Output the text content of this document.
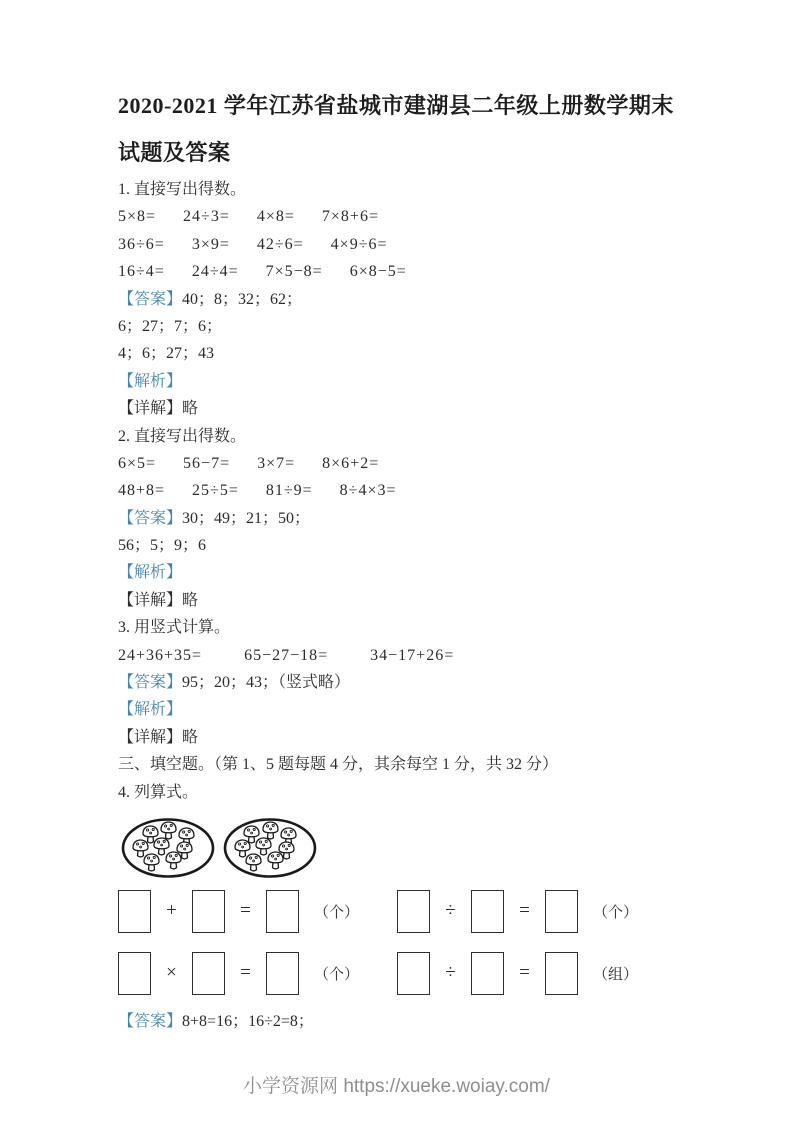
2020-2021 学年江苏省盐城市建湖县二年级上册数学期末试题及答案

1. 直接写出得数。

5×8= 24÷3= 4×8= 7×8+6=

36÷6= 3×9= 42÷6= 4×9÷6=

16÷4= 24÷4= 7×5−8= 6×8−5=

【答案】40；8；32；62；

6；27；7；6；

4；6；27；43

【解析】

【详解】略

2. 直接写出得数。

6×5= 56−7= 3×7= 8×6+2=

48+8= 25÷5= 81÷9= 8÷4×3=

【答案】30；49；21；50；

56；5；9；6

【解析】

【详解】略

3. 用竖式计算。

24+36+35=	65−27−18=	34−17+26=

【答案】95；20；43；（竖式略）

【解析】

【详解】略

三、填空题。（第 1、5 题每题 4 分，其余每空 1 分，共 32 分）

4. 列算式。

+	=	（个）	÷	=	（个）
×	=	（个）	÷	=	（组）

【答案】8+8=16；16÷2=8；

小学资源网 https://xueke.woiay.com/
